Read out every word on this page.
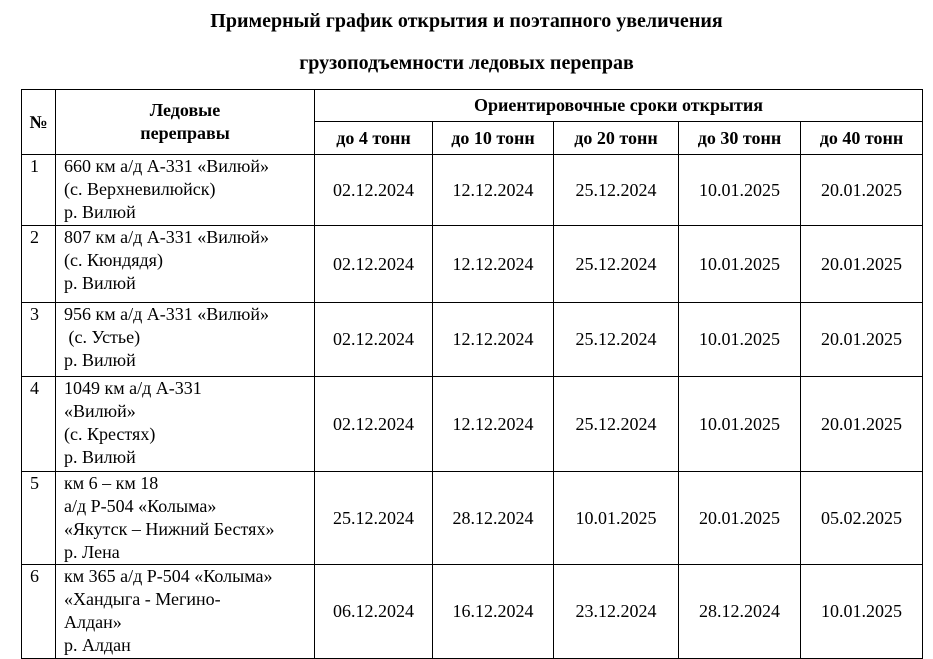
Примерный график открытия и поэтапного увеличения
грузоподъемности ледовых переправ
№	Ледовые
переправы	Ориентировочные сроки открытия				
		до 4 тонн	до 10 тонн	до 20 тонн	до 30 тонн	до 40 тонн
1	660 км а/д А-331 «Вилюй»
(с. Верхневилюйск)
р. Вилюй	02.12.2024	12.12.2024	25.12.2024	10.01.2025	20.01.2025
2	807 км а/д А-331 «Вилюй»
(с. Кюндядя)
р. Вилюй	02.12.2024	12.12.2024	25.12.2024	10.01.2025	20.01.2025
3	956 км а/д А-331 «Вилюй»
(с. Устье)
р. Вилюй	02.12.2024	12.12.2024	25.12.2024	10.01.2025	20.01.2025
4	1049 км а/д А-331
«Вилюй»
(с. Крестях)
р. Вилюй	02.12.2024	12.12.2024	25.12.2024	10.01.2025	20.01.2025
5	км 6 – км 18
а/д Р-504 «Колыма»
«Якутск – Нижний Бестях»
р. Лена	25.12.2024	28.12.2024	10.01.2025	20.01.2025	05.02.2025
6	км 365 а/д Р-504 «Колыма»
«Хандыга - Мегино-
Алдан»
р. Алдан	06.12.2024	16.12.2024	23.12.2024	28.12.2024	10.01.2025
